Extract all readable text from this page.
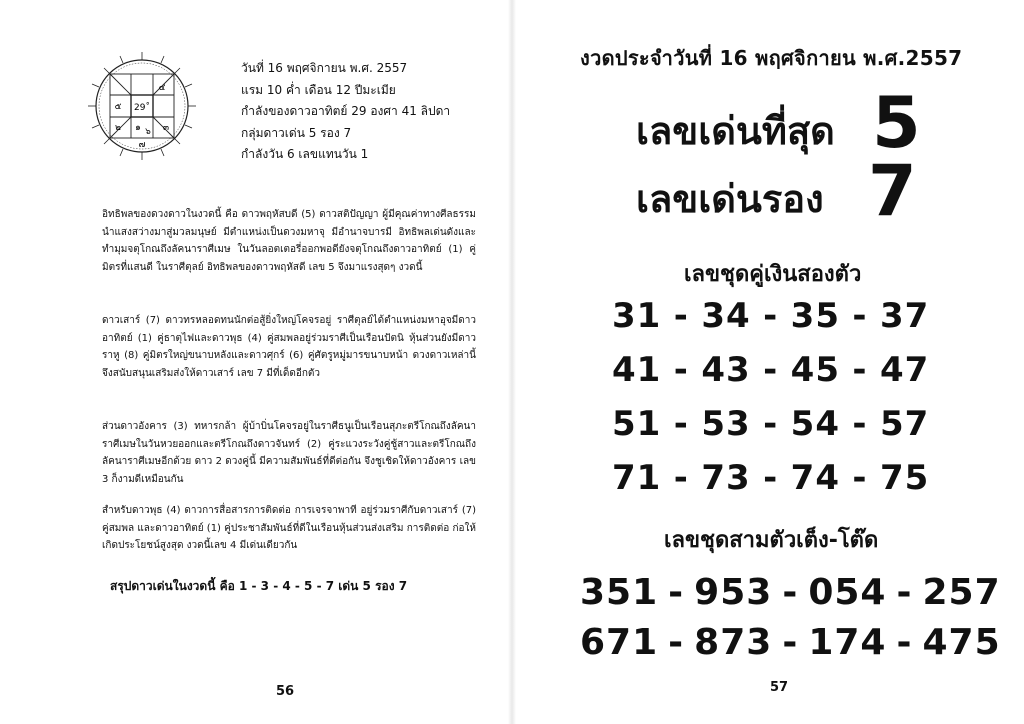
29˚
๕
๔
๓
๒ ๑ ๖
๗
วันที่ 16 พฤศจิกายน พ.ศ. 2557
แรม 10 ค่ำ เดือน 12 ปีมะเมีย
กำลังของดาวอาทิตย์ 29 องศา 41 ลิปดา
กลุ่มดาวเด่น 5 รอง 7
กำลังวัน 6 เลขแทนวัน 1
อิทธิพลของดวงดาวในงวดนี้ คือ ดาวพฤหัสบดี (5) ดาวสติปัญญา ผู้มีคุณค่าทางศีลธรรม นำแสงสว่างมาสู่มวลมนุษย์ มีตำแหน่งเป็นดวงมหาจุ มีอำนาจบารมี อิทธิพลเด่นดังและทำมุมจตุโกณถึงลัคนาราศีเมษ ในวันลอตเตอรี่ออกพอดียังจตุโกณถึงดาวอาทิตย์ (1) คู่มิตรที่แสนดี ในราศีตุลย์ อิทธิพลของดาวพฤหัสดี เลข 5 จึงมาแรงสุดๆ งวดนี้
ดาวเสาร์ (7) ดาวทรหลอดทนนักต่อสู้ยิ่งใหญ่โคจรอยู่ ราศีตุลย์ได้ตำแหน่งมหาอุจมีดาวอาทิตย์ (1) คู่ธาตุไฟและดาวพุธ (4) คู่สมพลอยู่ร่วมราศีเป็นเรือนปัตนิ หุ้นส่วนยังมีดาวราหู (8) คู่มิตรใหญ่ขนาบหลังและดาวศุกร์ (6) คู่ศัตรูหมู่มารขนาบหน้า ดวงดาวเหล่านี้ จึงสนับสนุนเสริมส่งให้ดาวเสาร์ เลข 7 มีที่เด็ดอีกตัว
ส่วนดาวอังคาร (3) ทหารกล้า ผู้บ้าบิ่นโคจรอยู่ในราศีธนูเป็นเรือนสุภะตรีโกณถึงลัคนาราศีเมษในวันหวยออกและตรีโกณถึงดาวจันทร์ (2) คู่ระแวงระวังคู่ชู้สาวและตรีโกณถึงลัคนาราศีเมษอีกด้วย ดาว 2 ดวงคู่นี้ มีความสัมพันธ์ที่ดีต่อกัน จึงชูเชิดให้ดาวอังคาร เลข 3 ก็งามดีเหมือนกัน
สำหรับดาวพุธ (4) ดาวการสื่อสารการติดต่อ การเจรจาพาที อยู่ร่วมราศีกับดาวเสาร์ (7) คู่สมพล และดาวอาทิตย์ (1) คู่ประชาสัมพันธ์ที่ดีในเรือนหุ้นส่วนส่งเสริม การติดต่อ ก่อให้เกิดประโยชน์สูงสุด งวดนี้เลข 4 มีเด่นเดียวกัน
สรุปดาวเด่นในงวดนี้ คือ 1 - 3 - 4 - 5 - 7 เด่น 5 รอง 7
56
งวดประจำวันที่ 16 พฤศจิกายน พ.ศ.2557
เลขเด่นที่สุด 5
เลขเด่นรอง 7
เลขชุดคู่เงินสองตัว
31 - 34 - 35 - 37
41 - 43 - 45 - 47
51 - 53 - 54 - 57
71 - 73 - 74 - 75
เลขชุดสามตัวเต็ง-โต๊ด
351 - 953 - 054 - 257
671 - 873 - 174 - 475
57
